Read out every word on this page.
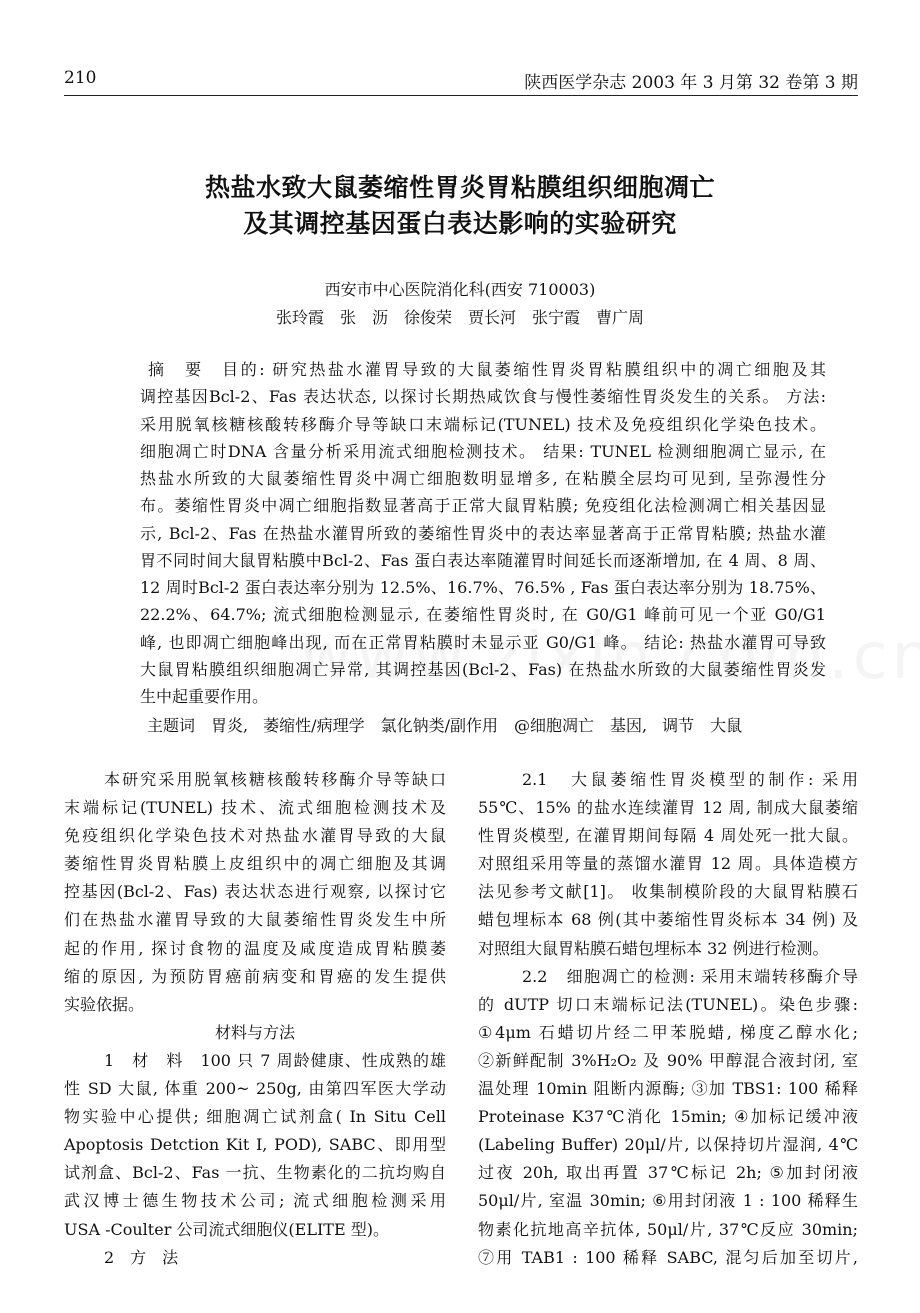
210	陕西医学杂志 2003 年 3 月第 32 卷第 3 期
热盐水致大鼠萎缩性胃炎胃粘膜组织细胞凋亡
及其调控基因蛋白表达影响的实验研究
西安市中心医院消化科(西安 710003)
张玲霞　张　沥　徐俊荣　贾长河　张宁霞　曹广周
摘　要　目的: 研究热盐水灌胃导致的大鼠萎缩性胃炎胃粘膜组织中的凋亡细胞及其
调控基因Bcl-2、Fas 表达状态, 以探讨长期热咸饮食与慢性萎缩性胃炎发生的关系。 方法:
采用脱氧核糖核酸转移酶介导等缺口末端标记(TUNEL) 技术及免疫组织化学染色技术。
细胞凋亡时DNA 含量分析采用流式细胞检测技术。 结果: TUNEL 检测细胞凋亡显示, 在
热盐水所致的大鼠萎缩性胃炎中凋亡细胞数明显增多, 在粘膜全层均可见到, 呈弥漫性分
布。萎缩性胃炎中凋亡细胞指数显著高于正常大鼠胃粘膜; 免疫组化法检测凋亡相关基因显
示, Bcl-2、Fas 在热盐水灌胃所致的萎缩性胃炎中的表达率显著高于正常胃粘膜; 热盐水灌
胃不同时间大鼠胃粘膜中Bcl-2、Fas 蛋白表达率随灌胃时间延长而逐渐增加, 在 4 周、8 周、
12 周时Bcl-2 蛋白表达率分别为 12.5%、16.7%、76.5% , Fas 蛋白表达率分别为 18.75%、
22.2%、64.7%; 流式细胞检测显示, 在萎缩性胃炎时, 在 G0/G1 峰前可见一个亚 G0/G1
峰, 也即凋亡细胞峰出现, 而在正常胃粘膜时未显示亚 G0/G1 峰。 结论: 热盐水灌胃可导致
大鼠胃粘膜组织细胞凋亡异常, 其调控基因(Bcl-2、Fas) 在热盐水所致的大鼠萎缩性胃炎发
生中起重要作用。
主题词　胃炎, 萎缩性/病理学　氯化钠类/副作用　@细胞凋亡　基因, 调节　大鼠
本研究采用脱氧核糖核酸转移酶介导等缺口
末端标记(TUNEL) 技术、流式细胞检测技术及
免疫组织化学染色技术对热盐水灌胃导致的大鼠
萎缩性胃炎胃粘膜上皮组织中的凋亡细胞及其调
控基因(Bcl-2、Fas) 表达状态进行观察, 以探讨它
们在热盐水灌胃导致的大鼠萎缩性胃炎发生中所
起的作用, 探讨食物的温度及咸度造成胃粘膜萎
缩的原因, 为预防胃癌前病变和胃癌的发生提供
实验依据。
材料与方法
1　材　料　100 只 7 周龄健康、性成熟的雄
性 SD 大鼠, 体重 200~ 250g, 由第四军医大学动
物实验中心提供; 细胞凋亡试剂盒( In Situ Cell
Apoptosis Detction Kit I, POD), SABC、即用型
试剂盒、Bcl-2、Fas 一抗、生物素化的二抗均购自
武汉博士德生物技术公司; 流式细胞检测采用
USA -Coulter 公司流式细胞仪(ELITE 型)。
2　方　法
2.1　大鼠萎缩性胃炎模型的制作: 采用
55℃、15% 的盐水连续灌胃 12 周, 制成大鼠萎缩
性胃炎模型, 在灌胃期间每隔 4 周处死一批大鼠。
对照组采用等量的蒸馏水灌胃 12 周。具体造模方
法见参考文献[1]。 收集制模阶段的大鼠胃粘膜石
蜡包埋标本 68 例(其中萎缩性胃炎标本 34 例) 及
对照组大鼠胃粘膜石蜡包埋标本 32 例进行检测。
2.2　细胞凋亡的检测: 采用末端转移酶介导
的 dUTP 切口末端标记法(TUNEL)。染色步骤:
①4μm 石蜡切片经二甲苯脱蜡, 梯度乙醇水化;
②新鲜配制 3%H₂O₂ 及 90% 甲醇混合液封闭, 室
温处理 10min 阻断内源酶; ③加 TBS1: 100 稀释
Proteinase K37℃消化 15min; ④加标记缓冲液
(Labeling Buffer) 20μl/片, 以保持切片湿润, 4℃
过夜 20h, 取出再置 37℃标记 2h; ⑤加封闭液
50μl/片, 室温 30min; ⑥用封闭液 1 : 100 稀释生
物素化抗地高辛抗体, 50μl/片, 37℃反应 30min;
⑦用 TAB1 : 100 稀释 SABC, 混匀后加至切片,
